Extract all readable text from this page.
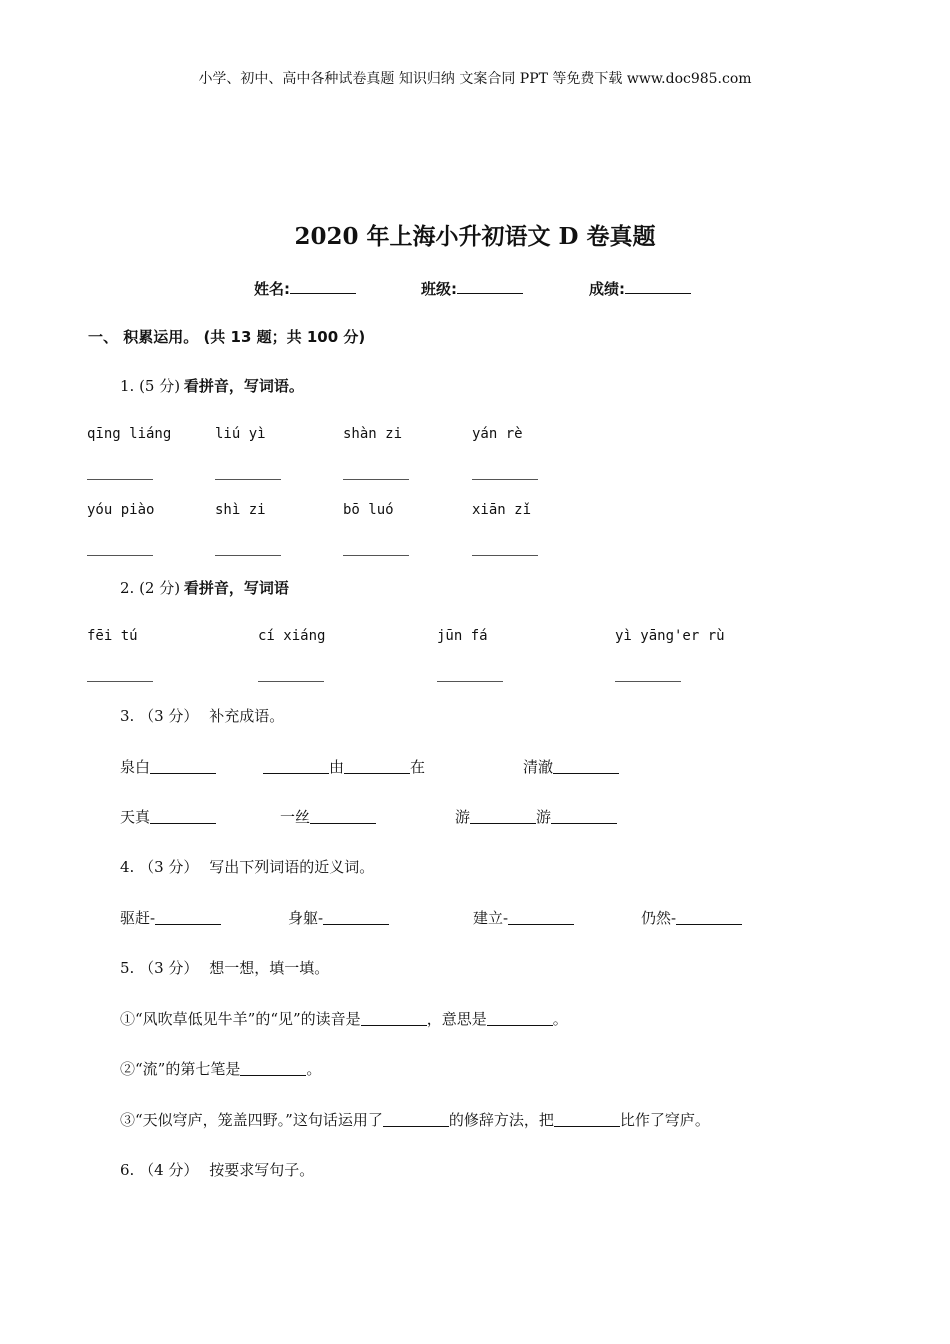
小学、初中、高中各种试卷真题 知识归纳 文案合同 PPT 等免费下载 www.doc985.com
2020 年上海小升初语文 D 卷真题
姓名:	班级:	成绩:
一、 积累运用。 (共 13 题；共 100 分)
1. (5 分) 看拼音，写词语。
qīng liáng	liú yì	shàn zi	yán rè
yóu piào	shì zi	bō luó	xiān zǐ
2. (2 分) 看拼音，写词语
fēi tú	cí xiáng	jūn fá	yì yāng'er rù
3. （3 分） 补充成语。
泉白	由	在	清澈
天真	一丝	游	游
4. （3 分） 写出下列词语的近义词。
驱赶-	身躯-	建立-	仍然-
5. （3 分） 想一想，填一填。
①“风吹草低见牛羊”的“见”的读音是	，意思是	。
②“流”的第七笔是	。
③“天似穹庐，笼盖四野。”这句话运用了	的修辞方法，把	比作了穹庐。
6. （4 分） 按要求写句子。
